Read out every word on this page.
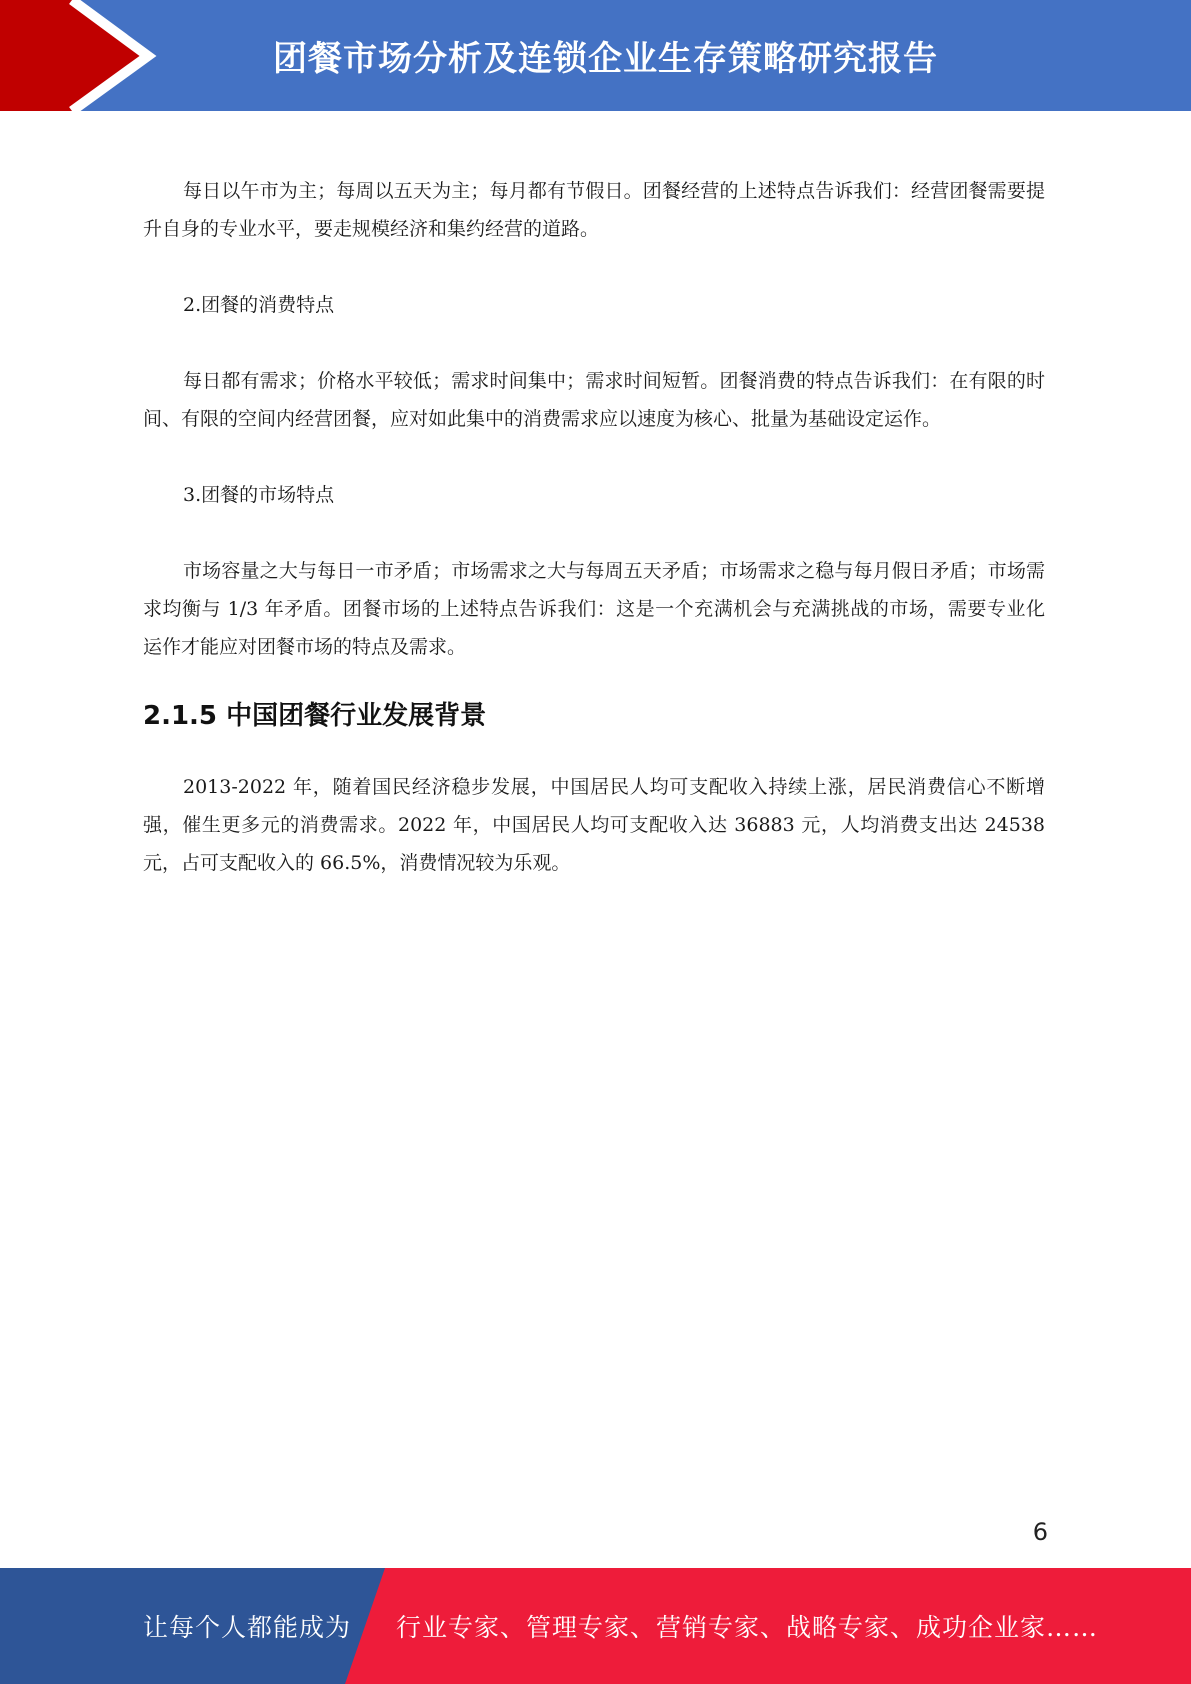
团餐市场分析及连锁企业生存策略研究报告

每日以午市为主；每周以五天为主；每月都有节假日。团餐经营的上述特点告诉我们：经营团餐需要提升自身的专业水平，要走规模经济和集约经营的道路。

2.团餐的消费特点

每日都有需求；价格水平较低；需求时间集中；需求时间短暂。团餐消费的特点告诉我们：在有限的时间、有限的空间内经营团餐，应对如此集中的消费需求应以速度为核心、批量为基础设定运作。

3.团餐的市场特点

市场容量之大与每日一市矛盾；市场需求之大与每周五天矛盾；市场需求之稳与每月假日矛盾；市场需求均衡与 1/3 年矛盾。团餐市场的上述特点告诉我们：这是一个充满机会与充满挑战的市场，需要专业化 运作才能应对团餐市场的特点及需求。

2.1.5 中国团餐行业发展背景

2013-2022 年，随着国民经济稳步发展，中国居民人均可支配收入持续上涨，居民消费信心不断增强，催生更多元的消费需求。2022 年，中国居民人均可支配收入达 36883 元，人均消费支出达 24538 元，占可支配收入的 66.5%，消费情况较为乐观。

6
让每个人都能成为 行业专家、管理专家、营销专家、战略专家、成功企业家……
